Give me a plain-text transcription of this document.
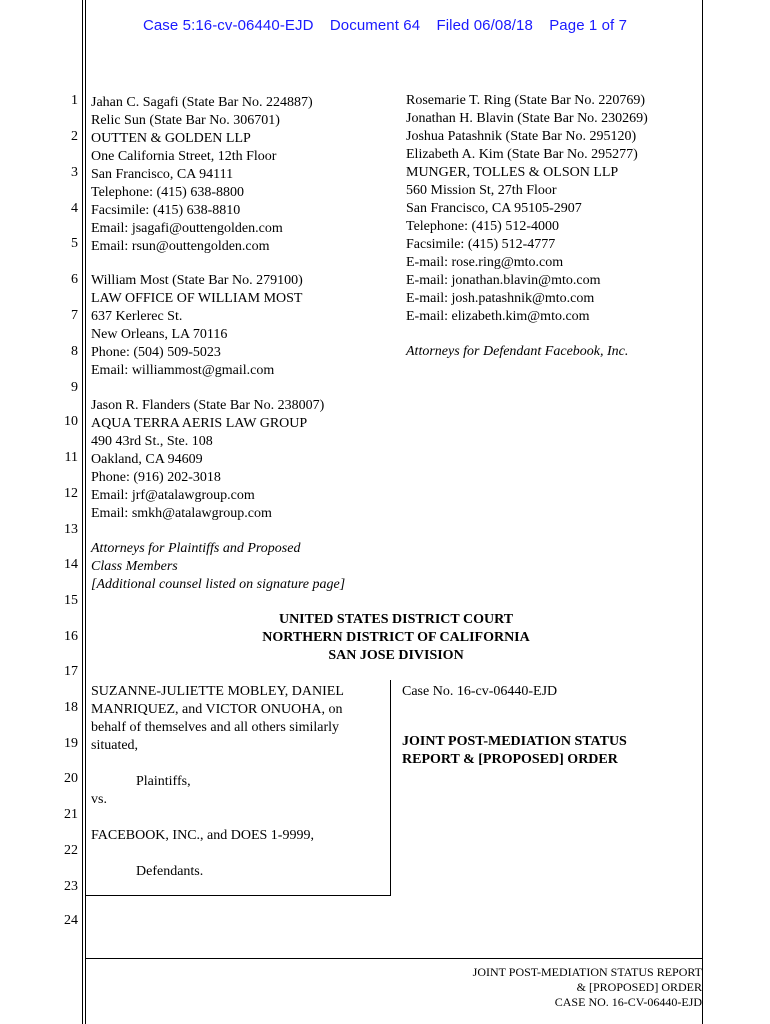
Case 5:16-cv-06440-EJD Document 64 Filed 06/08/18 Page 1 of 7
1
2
3
4
5
6
7
8
9
10
11
12
13
14
15
16
17
18
19
20
21
22
23
24
Jahan C. Sagafi (State Bar No. 224887)
Relic Sun (State Bar No. 306701)
OUTTEN & GOLDEN LLP
One California Street, 12th Floor
San Francisco, CA 94111
Telephone: (415) 638-8800
Facsimile: (415) 638-8810
Email: jsagafi@outtengolden.com
Email: rsun@outtengolden.com
William Most (State Bar No. 279100)
LAW OFFICE OF WILLIAM MOST
637 Kerlerec St.
New Orleans, LA 70116
Phone: (504) 509-5023
Email: williammost@gmail.com
Jason R. Flanders (State Bar No. 238007)
AQUA TERRA AERIS LAW GROUP
490 43rd St., Ste. 108
Oakland, CA 94609
Phone: (916) 202-3018
Email: jrf@atalawgroup.com
Email: smkh@atalawgroup.com
Attorneys for Plaintiffs and Proposed
Class Members
[Additional counsel listed on signature page]
Rosemarie T. Ring (State Bar No. 220769)
Jonathan H. Blavin (State Bar No. 230269)
Joshua Patashnik (State Bar No. 295120)
Elizabeth A. Kim (State Bar No. 295277)
MUNGER, TOLLES & OLSON LLP
560 Mission St, 27th Floor
San Francisco, CA 95105-2907
Telephone: (415) 512-4000
Facsimile: (415) 512-4777
E-mail: rose.ring@mto.com
E-mail: jonathan.blavin@mto.com
E-mail: josh.patashnik@mto.com
E-mail: elizabeth.kim@mto.com
Attorneys for Defendant Facebook, Inc.
UNITED STATES DISTRICT COURT
NORTHERN DISTRICT OF CALIFORNIA
SAN JOSE DIVISION
SUZANNE-JULIETTE MOBLEY, DANIEL
MANRIQUEZ, and VICTOR ONUOHA, on
behalf of themselves and all others similarly
situated,
Plaintiffs,
vs.
FACEBOOK, INC., and DOES 1-9999,
Defendants.
Case No. 16-cv-06440-EJD
JOINT POST-MEDIATION STATUS
REPORT & [PROPOSED] ORDER
JOINT POST-MEDIATION STATUS REPORT
& [PROPOSED] ORDER
CASE NO. 16-CV-06440-EJD
